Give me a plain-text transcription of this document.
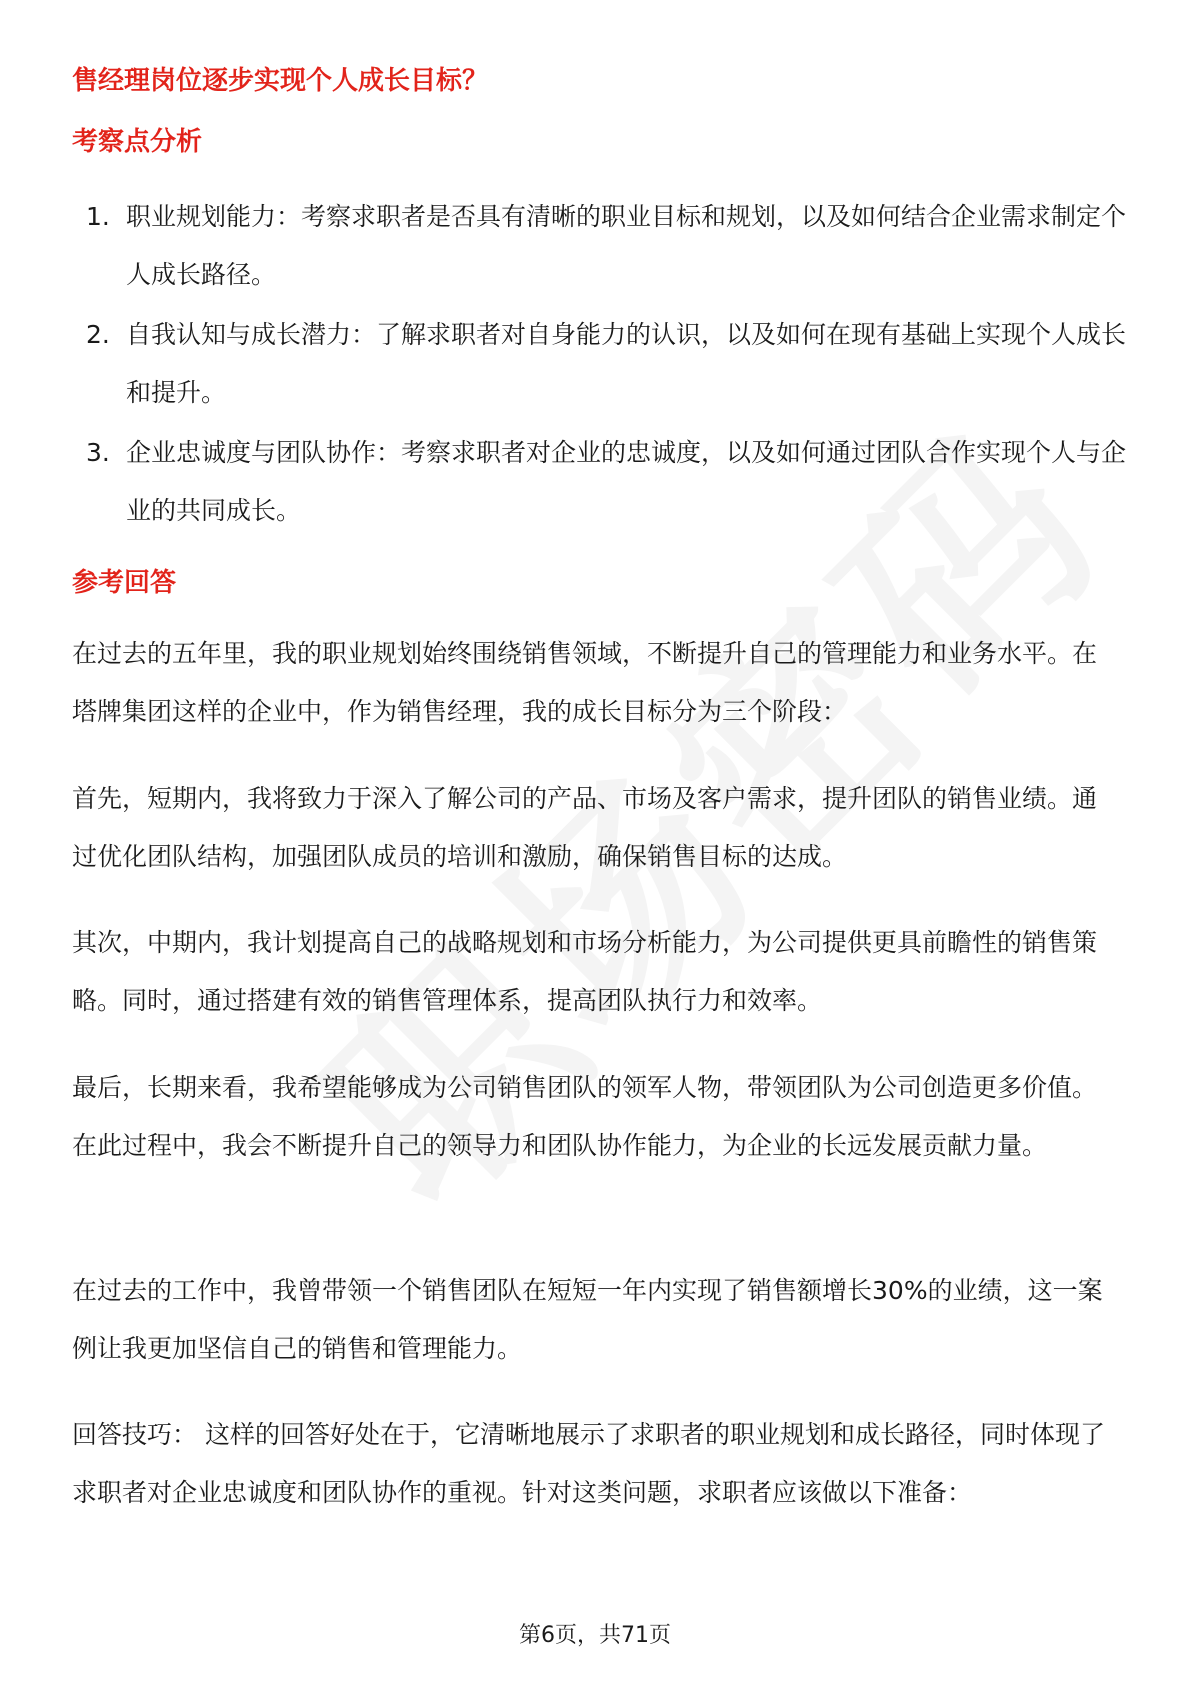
售经理岗位逐步实现个人成长目标？
考察点分析
1. 职业规划能力：考察求职者是否具有清晰的职业目标和规划，以及如何结合企业需求制定个人成长路径。
2. 自我认知与成长潜力：了解求职者对自身能力的认识，以及如何在现有基础上实现个人成长和提升。
3. 企业忠诚度与团队协作：考察求职者对企业的忠诚度，以及如何通过团队合作实现个人与企业的共同成长。
参考回答

在过去的五年里，我的职业规划始终围绕销售领域，不断提升自己的管理能力和业务水平。在塔牌集团这样的企业中，作为销售经理，我的成长目标分为三个阶段：

首先，短期内，我将致力于深入了解公司的产品、市场及客户需求，提升团队的销售业绩。通过优化团队结构，加强团队成员的培训和激励，确保销售目标的达成。

其次，中期内，我计划提高自己的战略规划和市场分析能力，为公司提供更具前瞻性的销售策略。同时，通过搭建有效的销售管理体系，提高团队执行力和效率。

最后，长期来看，我希望能够成为公司销售团队的领军人物，带领团队为公司创造更多价值。在此过程中，我会不断提升自己的领导力和团队协作能力，为企业的长远发展贡献力量。

在过去的工作中，我曾带领一个销售团队在短短一年内实现了销售额增长30%的业绩，这一案例让我更加坚信自己的销售和管理能力。

回答技巧： 这样的回答好处在于，它清晰地展示了求职者的职业规划和成长路径，同时体现了求职者对企业忠诚度和团队协作的重视。针对这类问题，求职者应该做以下准备：

第6页，共71页
